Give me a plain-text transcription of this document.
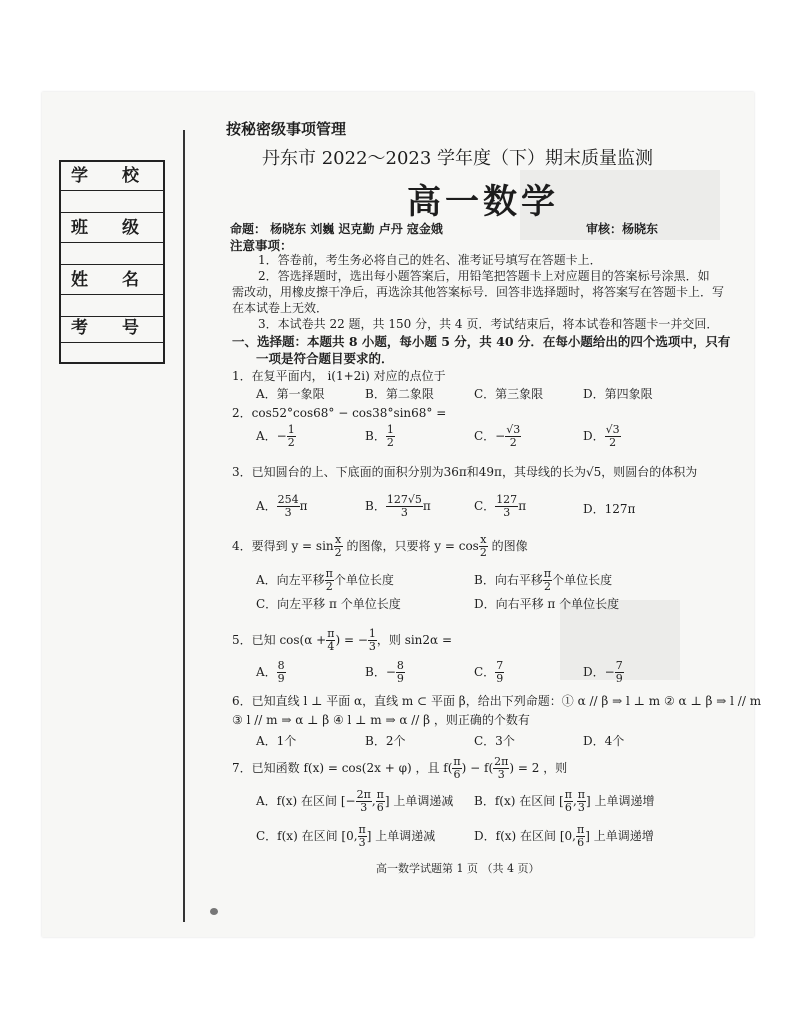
学 校
班 级
姓 名
考 号
按秘密级事项管理
丹东市 2022～2023 学年度（下）期末质量监测
高一数学
命题： 杨晓东 刘巍 迟克勤 卢丹 寇金娥	审核：杨晓东
注意事项：
1．答卷前，考生务必将自己的姓名、准考证号填写在答题卡上．
2．答选择题时，选出每小题答案后，用铅笔把答题卡上对应题目的答案标号涂黑．如
需改动，用橡皮擦干净后，再选涂其他答案标号．回答非选择题时，将答案写在答题卡上．写
在本试卷上无效．
3．本试卷共 22 题，共 150 分，共 4 页．考试结束后，将本试卷和答题卡一并交回．
一、选择题：本题共 8 小题，每小题 5 分，共 40 分．在每小题给出的四个选项中，只有
一项是符合题目要求的．
1．在复平面内， i(1+2i) 对应的点位于
A．第一象限	B．第二象限	C．第三象限	D．第四象限
2．cos52°cos68° − cos38°sin68° =
A．− $\frac{1}{2}$	B． $\frac{1}{2}$	C．− $\frac{√3}{2}$	D． $\frac{√3}{2}$
3．已知圆台的上、下底面的面积分别为36π和49π，其母线的长为√5，则圆台的体积为
A． $\frac{254}{3}$ π	B． $\frac{127√5}{3}$ π	C． $\frac{127}{3}$ π	D．127π
4．要得到 $y = \sin \frac{x}{2}$ 的图像，只要将 $y = \cos \frac{x}{2}$ 的图像
A．向左平移 $\frac{\pi}{2}$ 个单位长度	B．向右平移 $\frac{\pi}{2}$ 个单位长度
C．向左平移 π 个单位长度	D．向右平移 π 个单位长度
5．已知 $\cos(\alpha + \frac{\pi}{4}$ ) = − $\frac{1}{3}$ ，则 sin2α =
A． $\frac{8}{9}$	B．− $\frac{8}{9}$	C． $\frac{7}{9}$	D．− $\frac{7}{9}$
6．已知直线 l ⊥ 平面 α，直线 m ⊂ 平面 β，给出下列命题：① α // β ⇒ l ⊥ m ② α ⊥ β ⇒ l // m
③ l // m ⇒ α ⊥ β ④ l ⊥ m ⇒ α // β ，则正确的个数有
A．1个	B．2个	C．3个	D．4个
7．已知函数 f(x) = cos(2x + φ) ，且 $f( \frac{\pi}{6}$ ) − $f( \frac{2\pi}{3}$ ) = 2 ，则
A．f(x) 在区间 [− $\frac{2\pi}{3}$ , $\frac{\pi}{6}$ ] 上单调递减 B．f(x) 在区间 [ $\frac{\pi}{6}$ , $\frac{\pi}{3}$ ] 上单调递增
C．f(x) 在区间 [0, $\frac{\pi}{3}$ ] 上单调递减	D．f(x) 在区间 [0, $\frac{\pi}{6}$ ] 上单调递增
高一数学试题第 1 页 （共 4 页）
